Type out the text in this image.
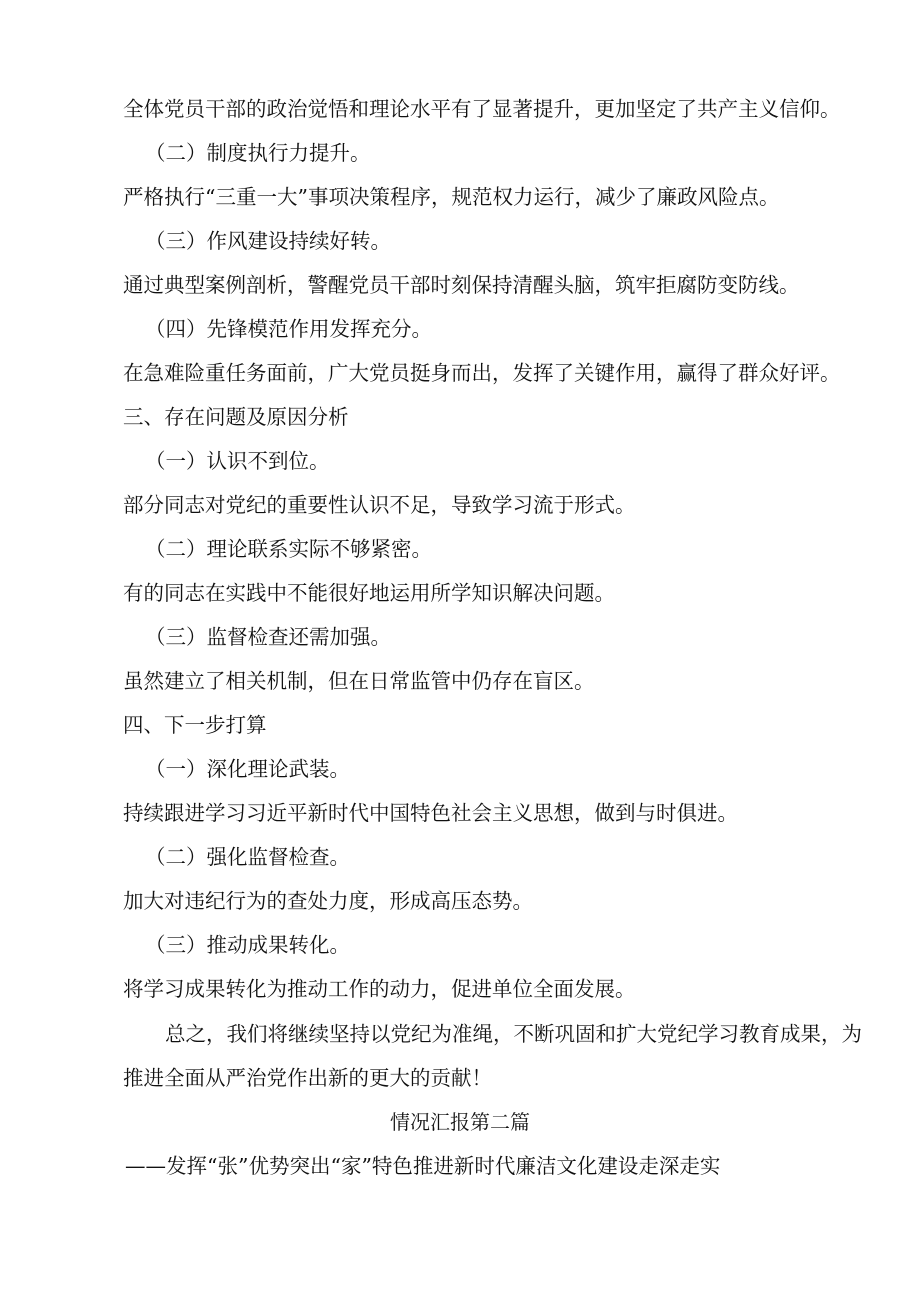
全体党员干部的政治觉悟和理论水平有了显著提升，更加坚定了共产主义信仰。
（二）制度执行力提升。
严格执行“三重一大”事项决策程序，规范权力运行，减少了廉政风险点。
（三）作风建设持续好转。
通过典型案例剖析，警醒党员干部时刻保持清醒头脑，筑牢拒腐防变防线。
（四）先锋模范作用发挥充分。
在急难险重任务面前，广大党员挺身而出，发挥了关键作用，赢得了群众好评。
三、存在问题及原因分析
（一）认识不到位。
部分同志对党纪的重要性认识不足，导致学习流于形式。
（二）理论联系实际不够紧密。
有的同志在实践中不能很好地运用所学知识解决问题。
（三）监督检查还需加强。
虽然建立了相关机制，但在日常监管中仍存在盲区。
四、下一步打算
（一）深化理论武装。
持续跟进学习习近平新时代中国特色社会主义思想，做到与时俱进。
（二）强化监督检查。
加大对违纪行为的查处力度，形成高压态势。
（三）推动成果转化。
将学习成果转化为推动工作的动力，促进单位全面发展。
总之，我们将继续坚持以党纪为准绳，不断巩固和扩大党纪学习教育成果，为
推进全面从严治党作出新的更大的贡献！
情况汇报第二篇
——发挥“张”优势突出“家”特色推进新时代廉洁文化建设走深走实
